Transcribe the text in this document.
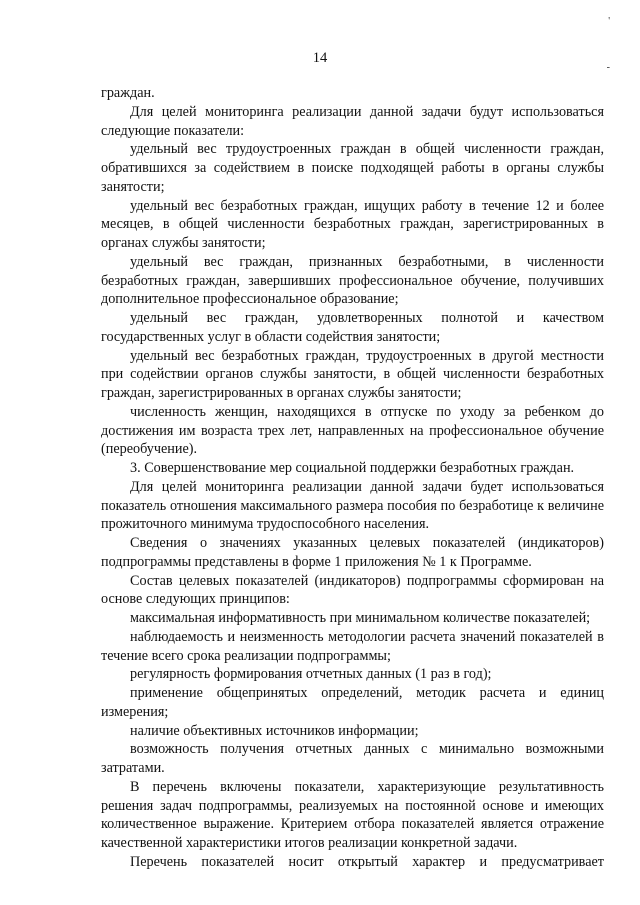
'
14
-

граждан.

Для целей мониторинга реализации данной задачи будут использоваться следующие показатели:

удельный вес трудоустроенных граждан в общей численности граждан, обратившихся за содействием в поиске подходящей работы в органы службы занятости;

удельный вес безработных граждан, ищущих работу в течение 12 и более месяцев, в общей численности безработных граждан, зарегистрированных в органах службы занятости;

удельный вес граждан, признанных безработными, в численности безработных граждан, завершивших профессиональное обучение, получивших дополнительное профессиональное образование;

удельный вес граждан, удовлетворенных полнотой и качеством государственных услуг в области содействия занятости;

удельный вес безработных граждан, трудоустроенных в другой местности при содействии органов службы занятости, в общей численности безработных граждан, зарегистрированных в органах службы занятости;

численность женщин, находящихся в отпуске по уходу за ребенком до достижения им возраста трех лет, направленных на профессиональное обучение (переобучение).

3. Совершенствование мер социальной поддержки безработных граждан.

Для целей мониторинга реализации данной задачи будет использоваться показатель отношения максимального размера пособия по безработице к величине прожиточного минимума трудоспособного населения.

Сведения о значениях указанных целевых показателей (индикаторов) подпрограммы представлены в форме 1 приложения № 1 к Программе.

Состав целевых показателей (индикаторов) подпрограммы сформирован на основе следующих принципов:

максимальная информативность при минимальном количестве показателей;

наблюдаемость и неизменность методологии расчета значений показателей в течение всего срока реализации подпрограммы;

регулярность формирования отчетных данных (1 раз в год);

применение общепринятых определений, методик расчета и единиц измерения;

наличие объективных источников информации;

возможность получения отчетных данных с минимально возможными затратами.

В перечень включены показатели, характеризующие результативность решения задач подпрограммы, реализуемых на постоянной основе и имеющих количественное выражение. Критерием отбора показателей является отражение качественной характеристики итогов реализации конкретной задачи.

Перечень показателей носит открытый характер и предусматривает
